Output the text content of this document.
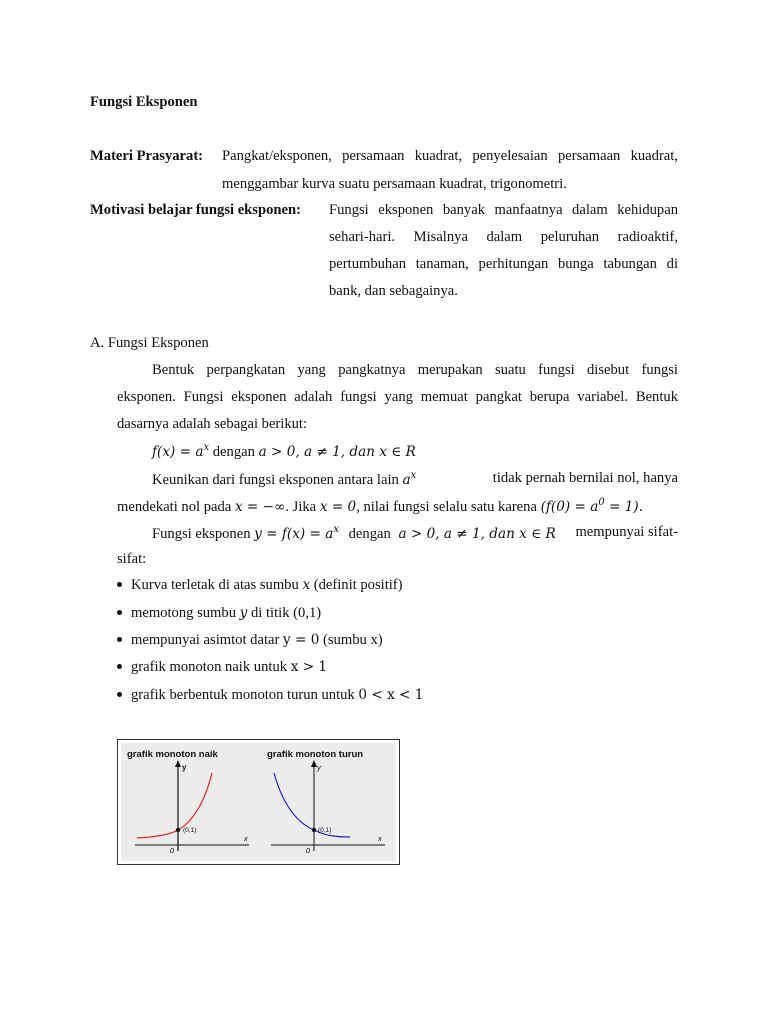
Fungsi Eksponen
Materi Prasyarat: Pangkat/eksponen, persamaan kuadrat, penyelesaian persamaan kuadrat,
menggambar kurva suatu persamaan kuadrat, trigonometri.
Motivasi belajar fungsi eksponen: Fungsi eksponen banyak manfaatnya dalam kehidupan
sehari-hari. Misalnya dalam peluruhan radioaktif,
pertumbuhan tanaman, perhitungan bunga tabungan di
bank, dan sebagainya.
A. Fungsi Eksponen
Bentuk perpangkatan yang pangkatnya merupakan suatu fungsi disebut fungsi
eksponen. Fungsi eksponen adalah fungsi yang memuat pangkat berupa variabel. Bentuk
dasarnya adalah sebagai berikut:
$f(x) = a^x$ dengan a > 0, a ≠ 1, dan x ∈ R
Keunikan dari fungsi eksponen antara lain $a^x$	tidak pernah bernilai nol, hanya
mendekati nol pada x = −∞. Jika x = 0, nilai fungsi selalu satu karena $(f(0) = a^0 = 1)$.
Fungsi eksponen $y = f(x) = a^x$ dengan a > 0, a ≠ 1, dan x ∈ R	mempunyai sifat-
sifat:
Kurva terletak di atas sumbu x (definit positif)
memotong sumbu y di titik (0,1)
mempunyai asimtot datar y = 0 (sumbu x)
grafik monoton naik untuk x > 1
grafik berbentuk monoton turun untuk 0 < x < 1
grafik monoton naik
y
x
0
(0,1)
grafik monoton turun
y
x
0
(0,1)
